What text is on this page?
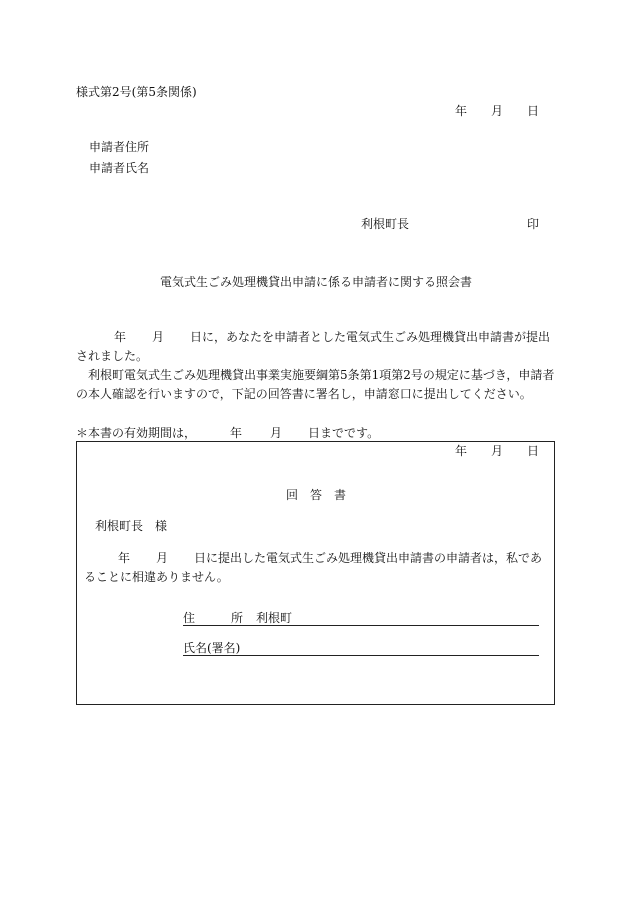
様式第2号(第5条関係)
年 月 日
申請者住所
申請者氏名
利根町長	印
電気式生ごみ処理機貸出申請に係る申請者に関する照会書
年 月 日に，あなたを申請者とした電気式生ごみ処理機貸出申請書が提出されました。
利根町電気式生ごみ処理機貸出事業実施要綱第5条第1項第2号の規定に基づき，申請者の本人確認を行いますので，下記の回答書に署名し，申請窓口に提出してください。
＊本書の有効期間は，	年 月 日までです。
年 月 日
回　答　書
利根町長　様
年 月 日に提出した電気式生ごみ処理機貸出申請書の申請者は，私であることに相違ありません。
住　　　所 利根町
氏名(署名)
